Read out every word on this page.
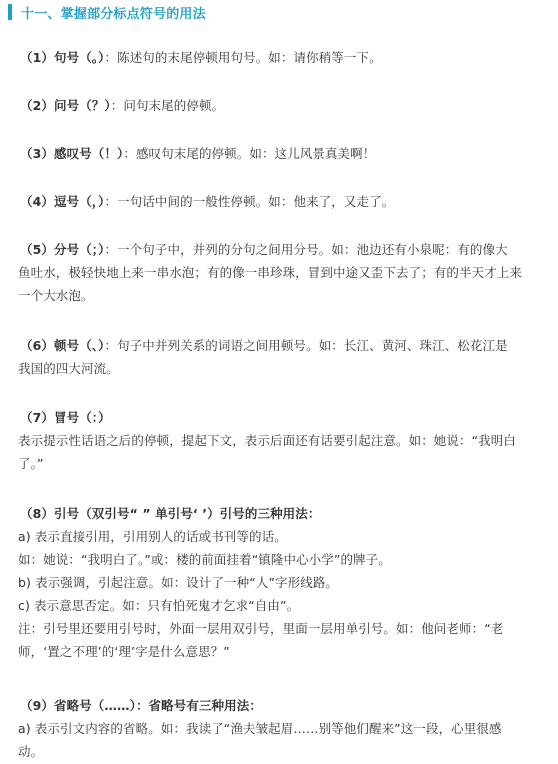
十一、掌握部分标点符号的用法
（1）句号（。）：陈述句的末尾停顿用句号。如：请你稍等一下。
（2）问号（？）：问句末尾的停顿。
（3）感叹号（！）：感叹句末尾的停顿。如：这儿风景真美啊！
（4）逗号（，）：一句话中间的一般性停顿。如：他来了，又走了。
（5）分号（；）：一个句子中，并列的分句之间用分号。如：池边还有小泉呢：有的像大
鱼吐水，极轻快地上来一串水泡；有的像一串珍珠，冒到中途又歪下去了；有的半天才上来
一个大水泡。
（6）顿号（、）：句子中并列关系的词语之间用顿号。如：长江、黄河、珠江、松花江是
我国的四大河流。
（7）冒号（：）
表示提示性话语之后的停顿，提起下文，表示后面还有话要引起注意。如：她说：“我明白
了。”
（8）引号（双引号“ ” 单引号‘ ’）引号的三种用法：
a) 表示直接引用，引用别人的话或书刊等的话。
如：她说：“我明白了。”或：楼的前面挂着“镇隆中心小学”的牌子。
b) 表示强调，引起注意。如：设计了一种“人”字形线路。
c) 表示意思否定。如：只有怕死鬼才乞求“自由”。
注：引号里还要用引号时，外面一层用双引号，里面一层用单引号。如：他问老师：“老
师，‘置之不理’的‘理’字是什么意思？”
（9）省略号（……）：省略号有三种用法：
a) 表示引文内容的省略。如：我读了“渔夫皱起眉……别等他们醒来”这一段，心里很感
动。
